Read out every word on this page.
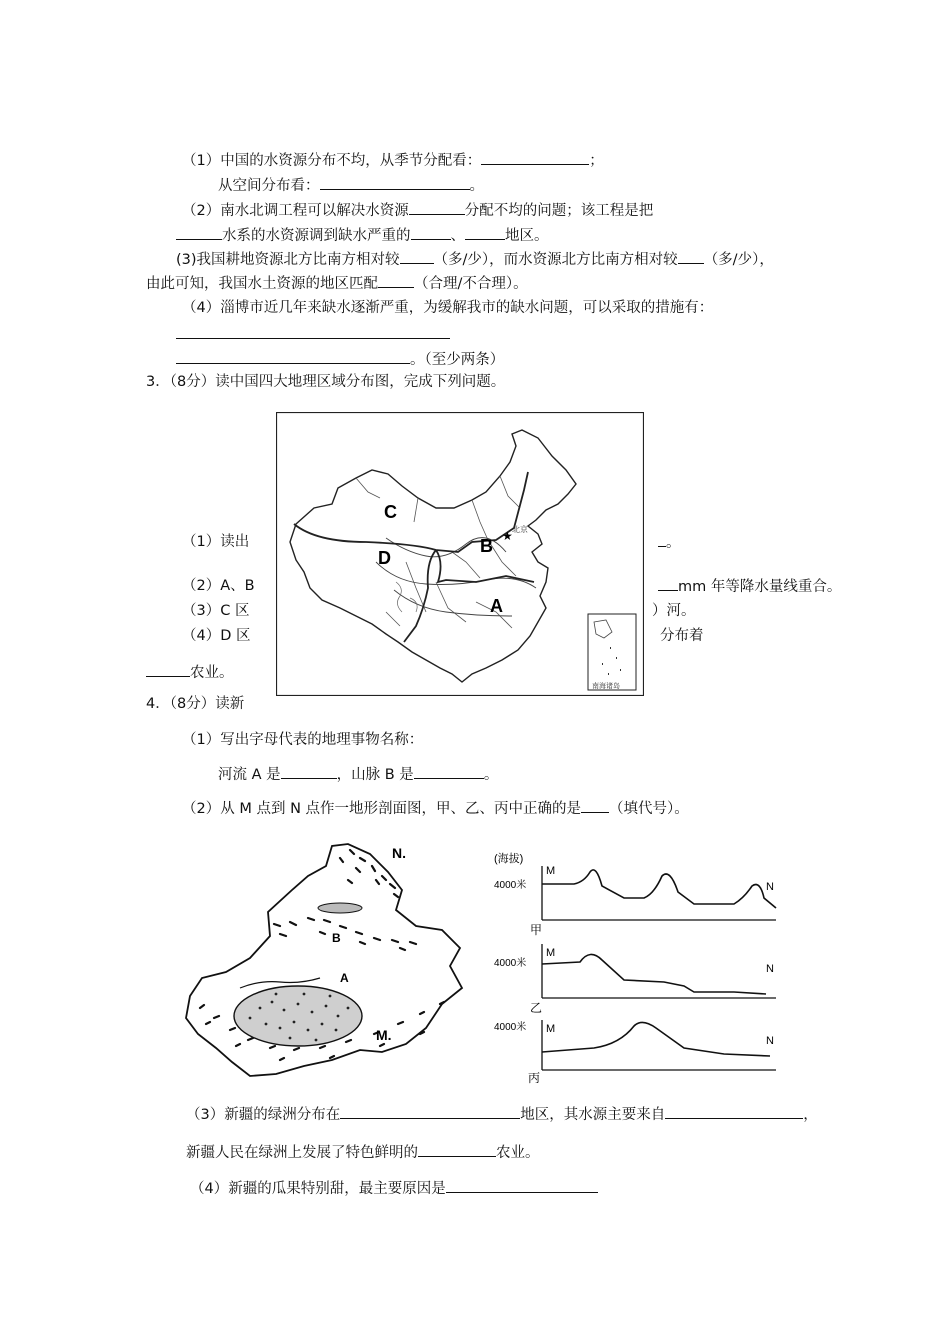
（1）中国的水资源分布不均，从季节分配看：	；
从空间分布看：	。
（2）南水北调工程可以解决水资源	分配不均的问题；该工程是把
水系的水资源调到缺水严重的	、	地区。
(3)我国耕地资源北方比南方相对较 （多/少），而水资源北方比南方相对较 （多/少），
由此可知，我国水土资源的地区匹配 （合理/不合理）。
（4）淄博市近几年来缺水逐渐严重，为缓解我市的缺水问题，可以采取的措施有：
。（至少两条）
3．（8分）读中国四大地理区域分布图，完成下列问题。
（1）读出	。
（2）A、B	mm 年等降水量线重合。
（3）C 区	）河。
（4）D 区	分布着
农业。
C
D
B
A
★ 北京
南海诸岛
4．（8分）读新
（1）写出字母代表的地理事物名称：
河流 A 是	，山脉 B 是	。
（2）从 M 点到 N 点作一地形剖面图，甲、乙、丙中正确的是 （填代号）。
N.
B
A
M.
(海拔)
4000米
M
N
甲
4000米
M
N
乙
4000米 M
N
丙
（3）新疆的绿洲分布在	地区，其水源主要来自	，
新疆人民在绿洲上发展了特色鲜明的	农业。
（4）新疆的瓜果特别甜，最主要原因是
